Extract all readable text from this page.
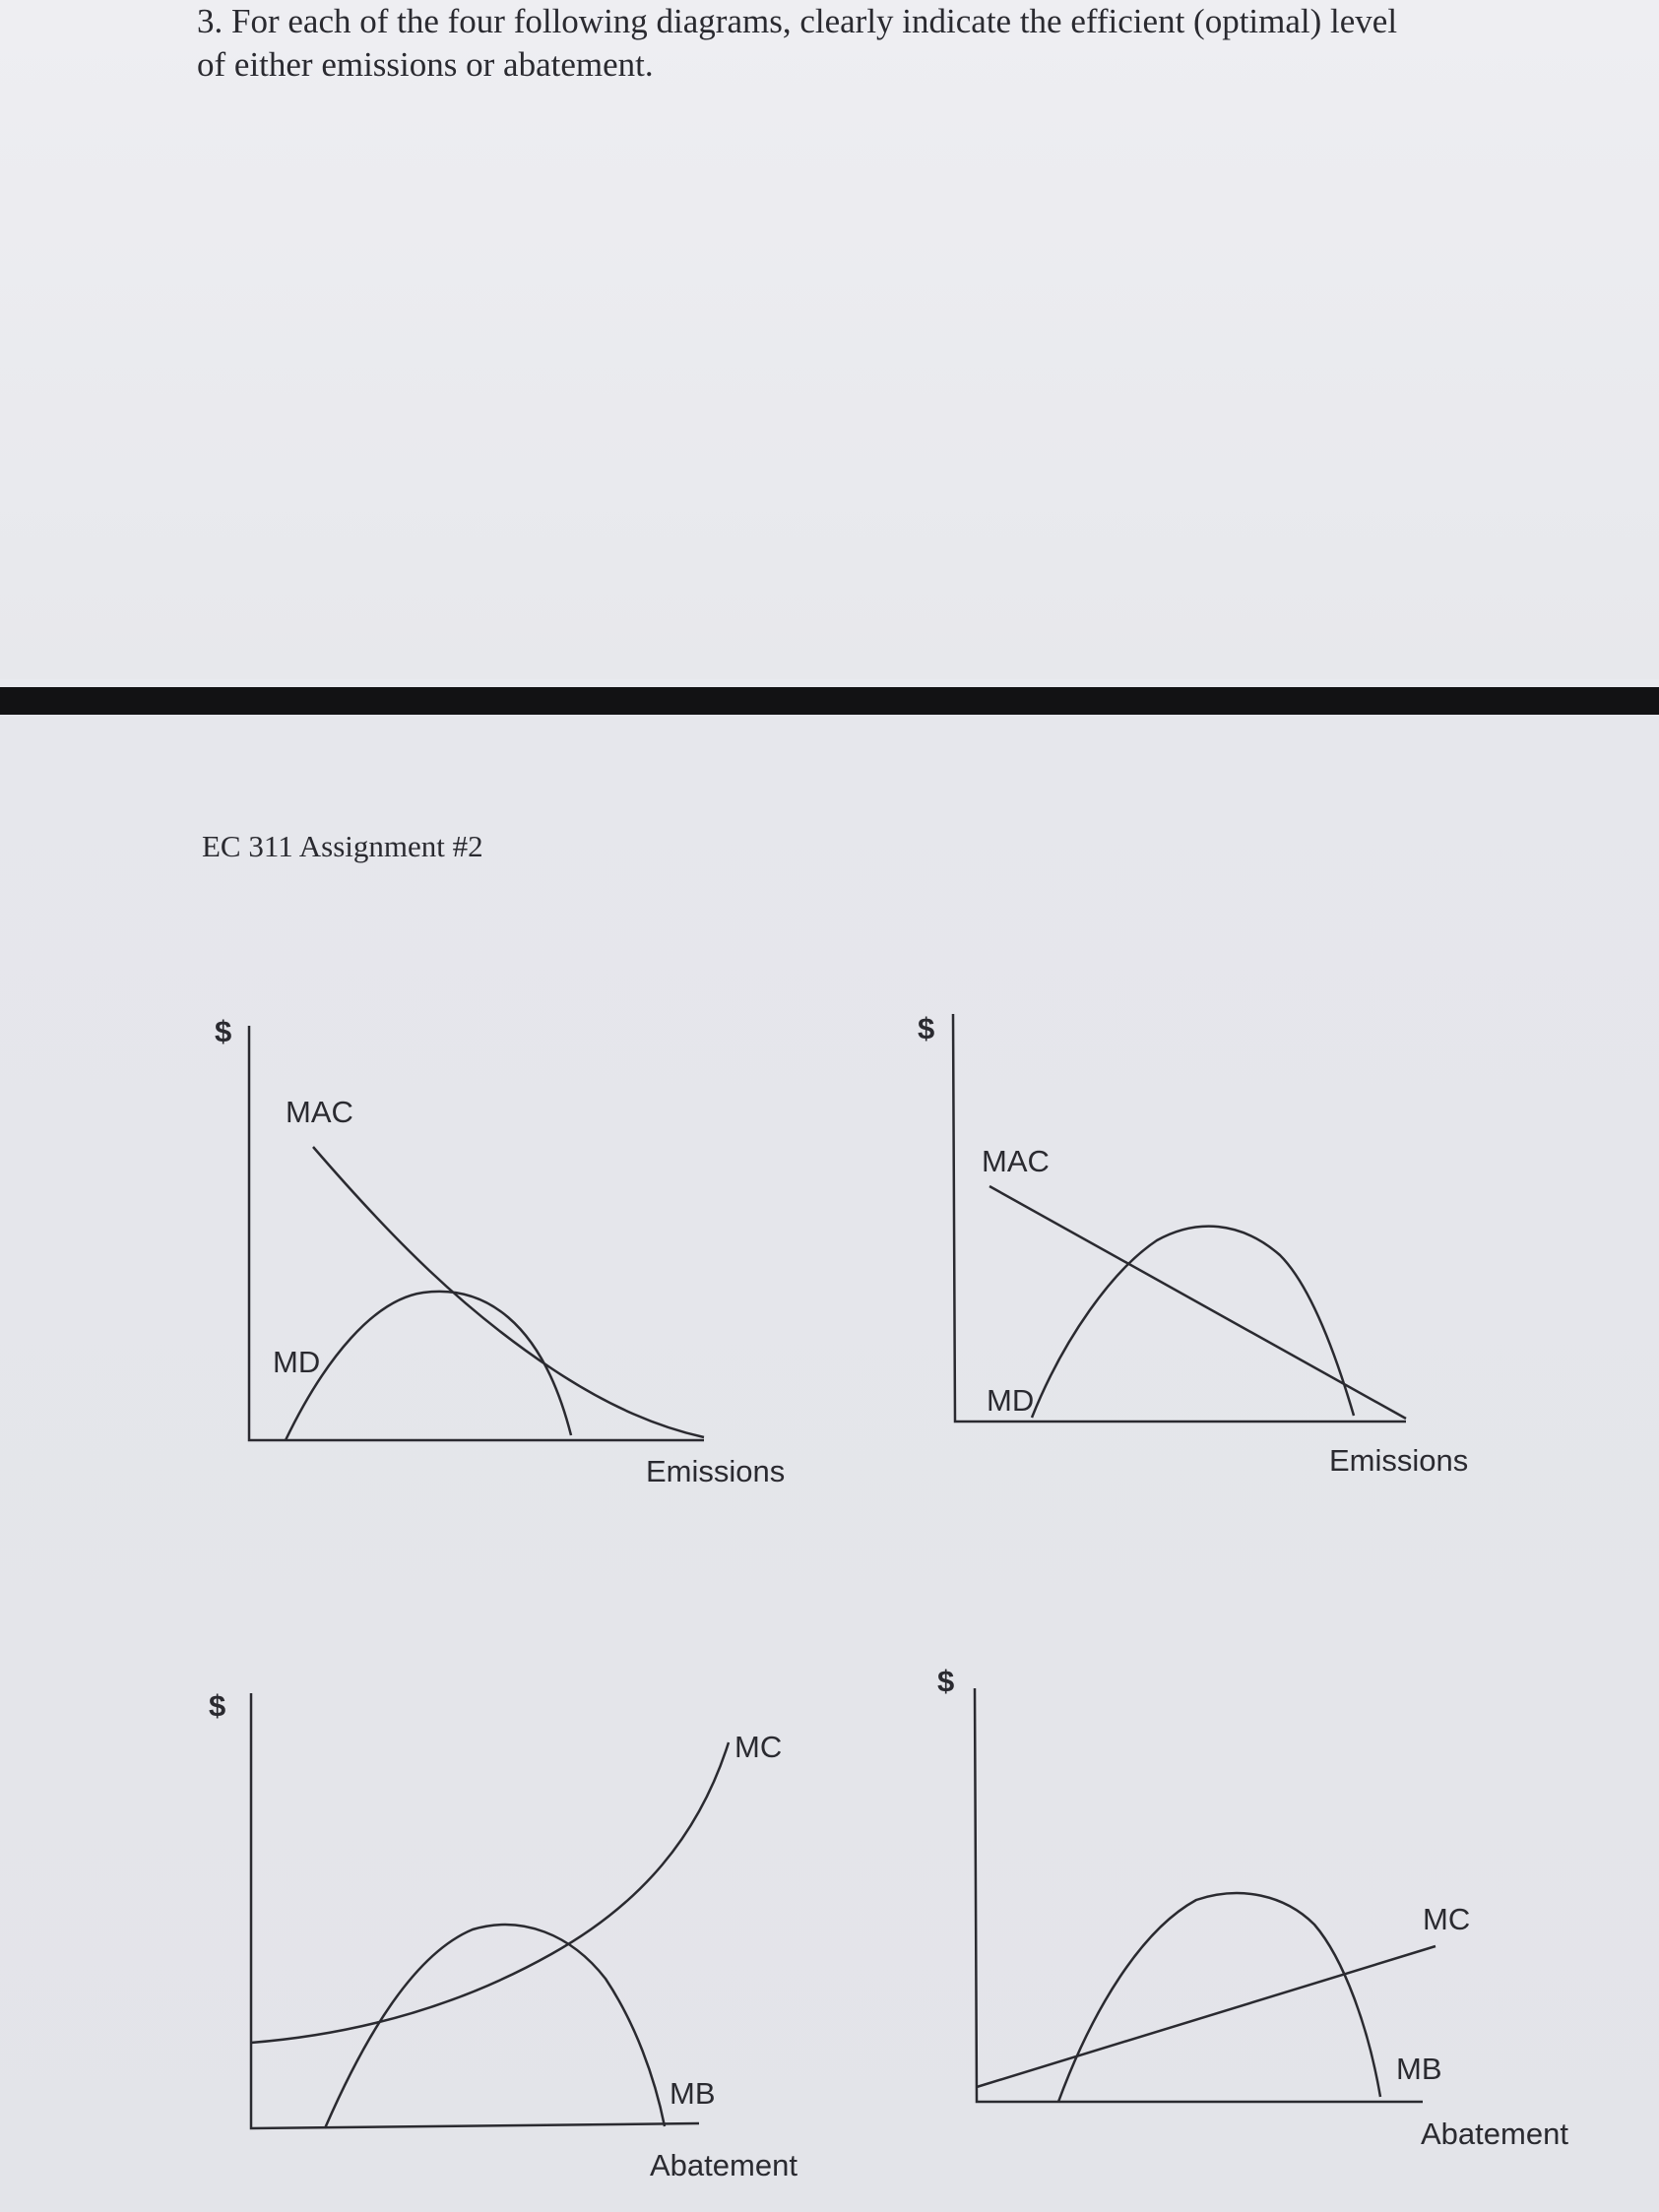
3. For each of the four following diagrams, clearly indicate the efficient (optimal) level
of either emissions or abatement.
EC 311 Assignment #2
$
MAC
MD
Emissions
$
MAC
MD
Emissions
$
MC
MB
Abatement
$
MC
MB
Abatement
